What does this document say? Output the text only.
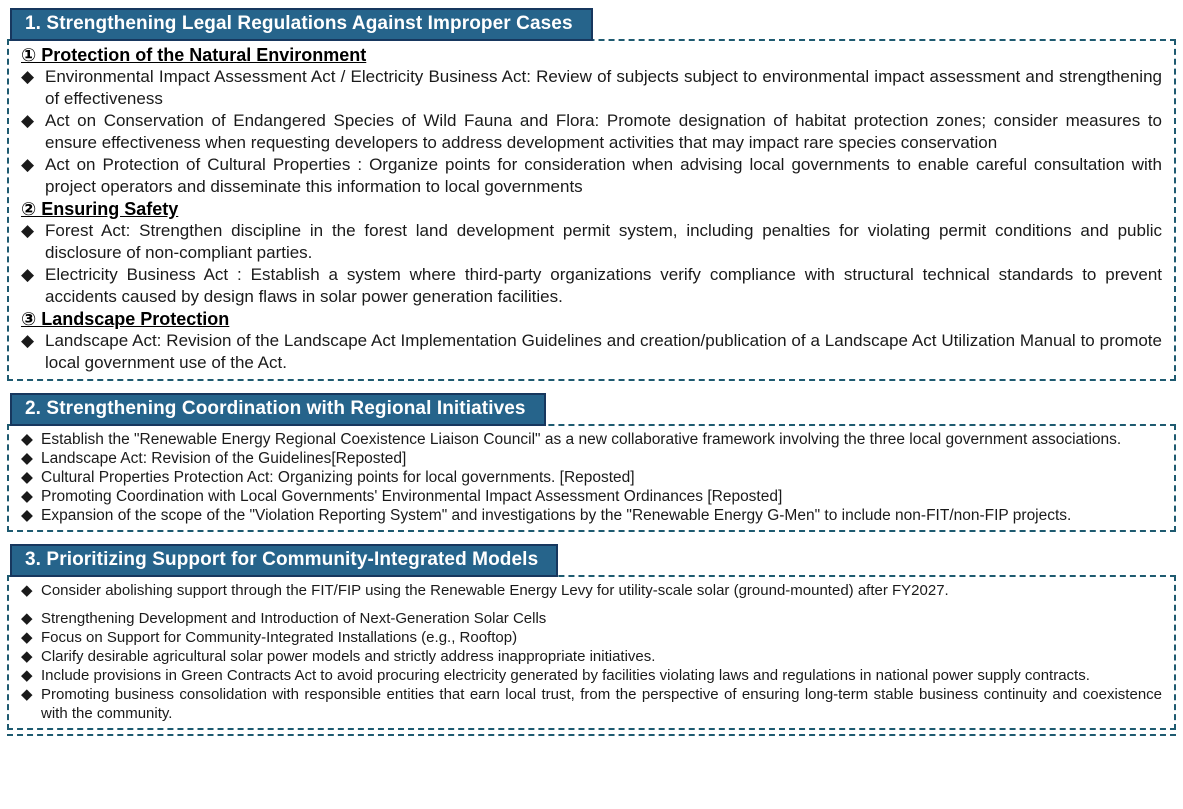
1. Strengthening Legal Regulations Against Improper Cases
① Protection of the Natural Environment
◆ Environmental Impact Assessment Act / Electricity Business Act: Review of subjects subject to environmental impact assessment and strengthening of effectiveness
◆ Act on Conservation of Endangered Species of Wild Fauna and Flora: Promote designation of habitat protection zones; consider measures to ensure effectiveness when requesting developers to address development activities that may impact rare species conservation
◆ Act on Protection of Cultural Properties : Organize points for consideration when advising local governments to enable careful consultation with project operators and disseminate this information to local governments
② Ensuring Safety
◆ Forest Act: Strengthen discipline in the forest land development permit system, including penalties for violating permit conditions and public disclosure of non-compliant parties.
◆ Electricity Business Act : Establish a system where third-party organizations verify compliance with structural technical standards to prevent accidents caused by design flaws in solar power generation facilities.
③ Landscape Protection
◆ Landscape Act: Revision of the Landscape Act Implementation Guidelines and creation/publication of a Landscape Act Utilization Manual to promote local government use of the Act.
2. Strengthening Coordination with Regional Initiatives
◆ Establish the "Renewable Energy Regional Coexistence Liaison Council" as a new collaborative framework involving the three local government associations.
◆ Landscape Act: Revision of the Guidelines[Reposted]
◆ Cultural Properties Protection Act: Organizing points for local governments. [Reposted]
◆ Promoting Coordination with Local Governments' Environmental Impact Assessment Ordinances [Reposted]
◆ Expansion of the scope of the "Violation Reporting System" and investigations by the "Renewable Energy G-Men" to include non-FIT/non-FIP projects.
3. Prioritizing Support for Community-Integrated Models
◆ Consider abolishing support through the FIT/FIP using the Renewable Energy Levy for utility-scale solar (ground-mounted) after FY2027.
◆ Strengthening Development and Introduction of Next-Generation Solar Cells
◆ Focus on Support for Community-Integrated Installations (e.g., Rooftop)
◆ Clarify desirable agricultural solar power models and strictly address inappropriate initiatives.
◆ Include provisions in Green Contracts Act to avoid procuring electricity generated by facilities violating laws and regulations in national power supply contracts.
◆ Promoting business consolidation with responsible entities that earn local trust, from the perspective of ensuring long-term stable business continuity and coexistence with the community.
